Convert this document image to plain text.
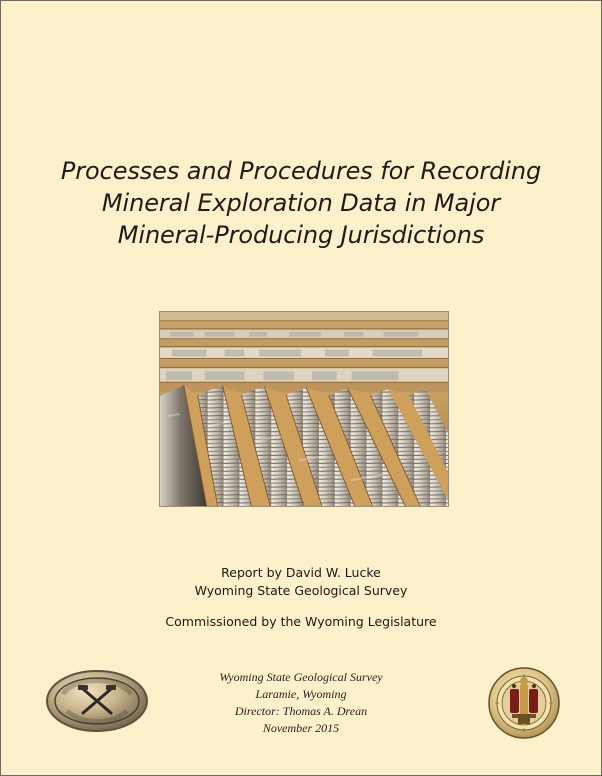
Processes and Procedures for Recording
Mineral Exploration Data in Major
Mineral-Producing Jurisdictions
Report by David W. Lucke
Wyoming State Geological Survey
Commissioned by the Wyoming Legislature
Wyoming State Geological Survey
Laramie, Wyoming
Director: Thomas A. Drean
November 2015
